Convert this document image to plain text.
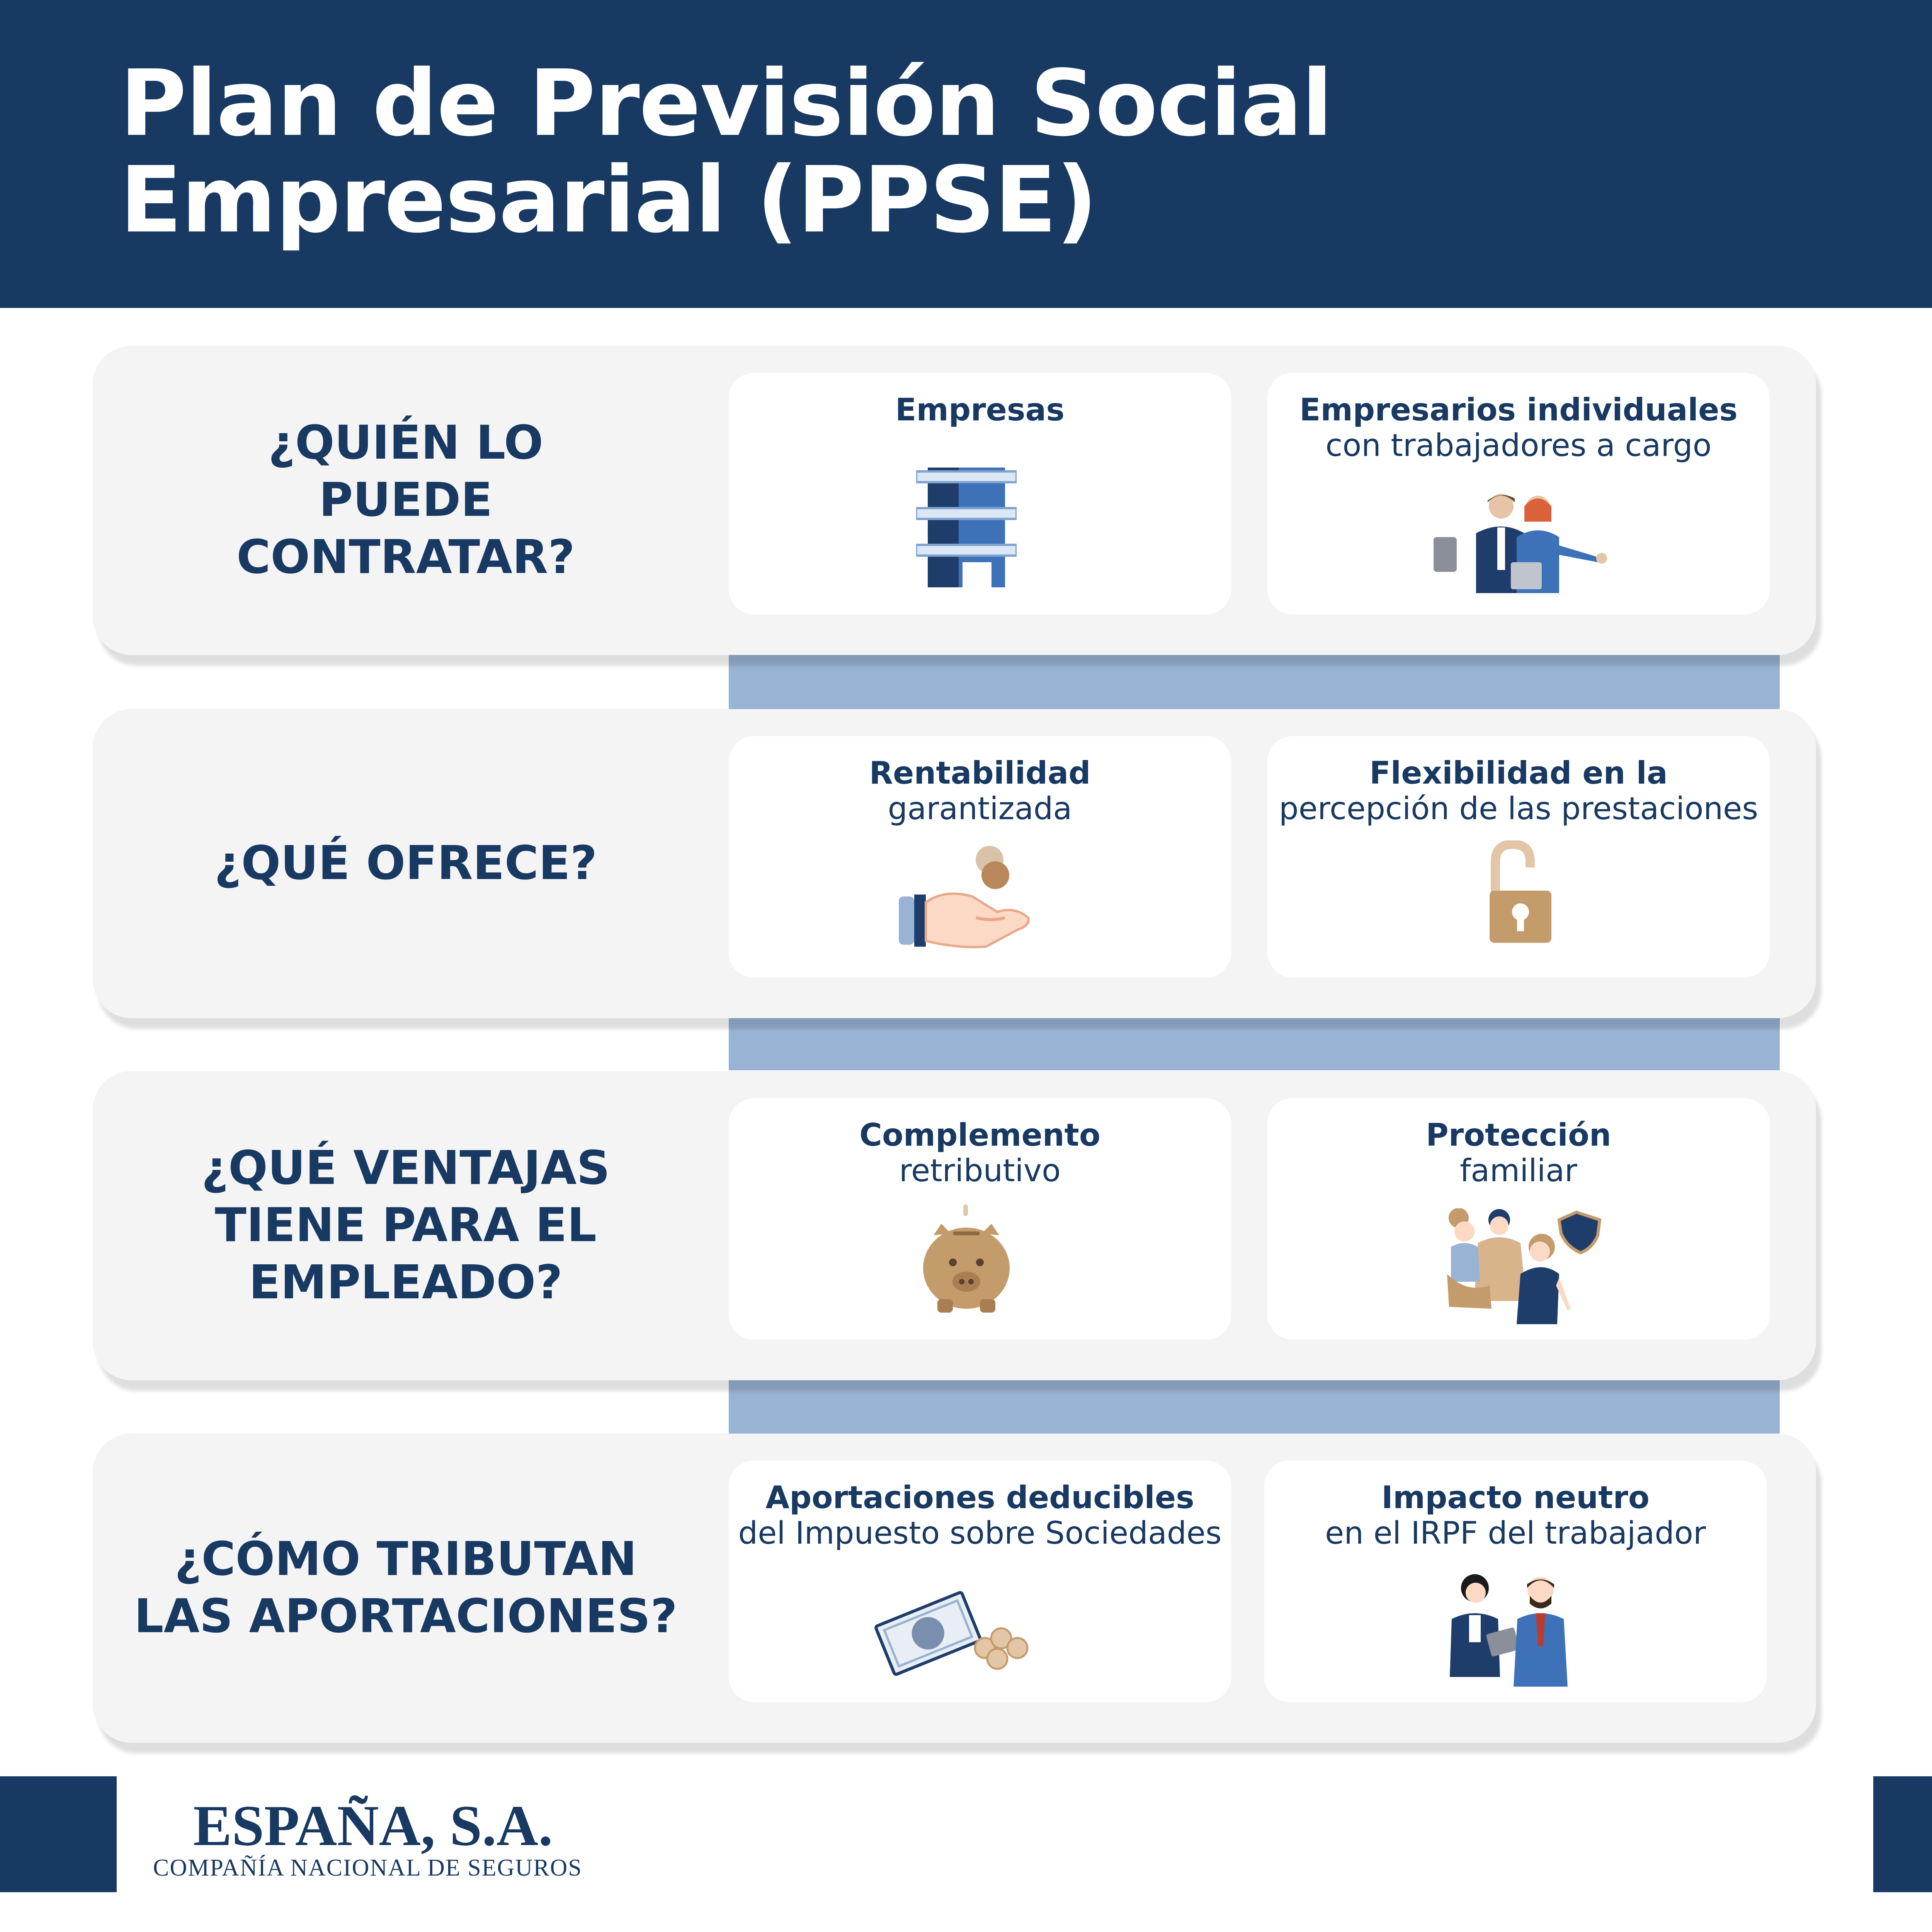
Plan de Previsión Social
Empresarial (PPSE)
¿QUIÉN LO PUEDE CONTRATAR?
Empresas	Empresarios individuales
con trabajadores a cargo
¿QUÉ OFRECE?
Rentabilidad
garantizada
Flexibilidad en la
percepción de las prestaciones
¿QUÉ VENTAJAS TIENE PARA EL EMPLEADO?
Complemento
retributivo
Protección
familiar
¿CÓMO TRIBUTAN LAS APORTACIONES?
Aportaciones deducibles
del Impuesto sobre Sociedades
Impacto neutro
en el IRPF del trabajador
ESPAÑA, S.A.
COMPAÑÍA NACIONAL DE SEGUROS
